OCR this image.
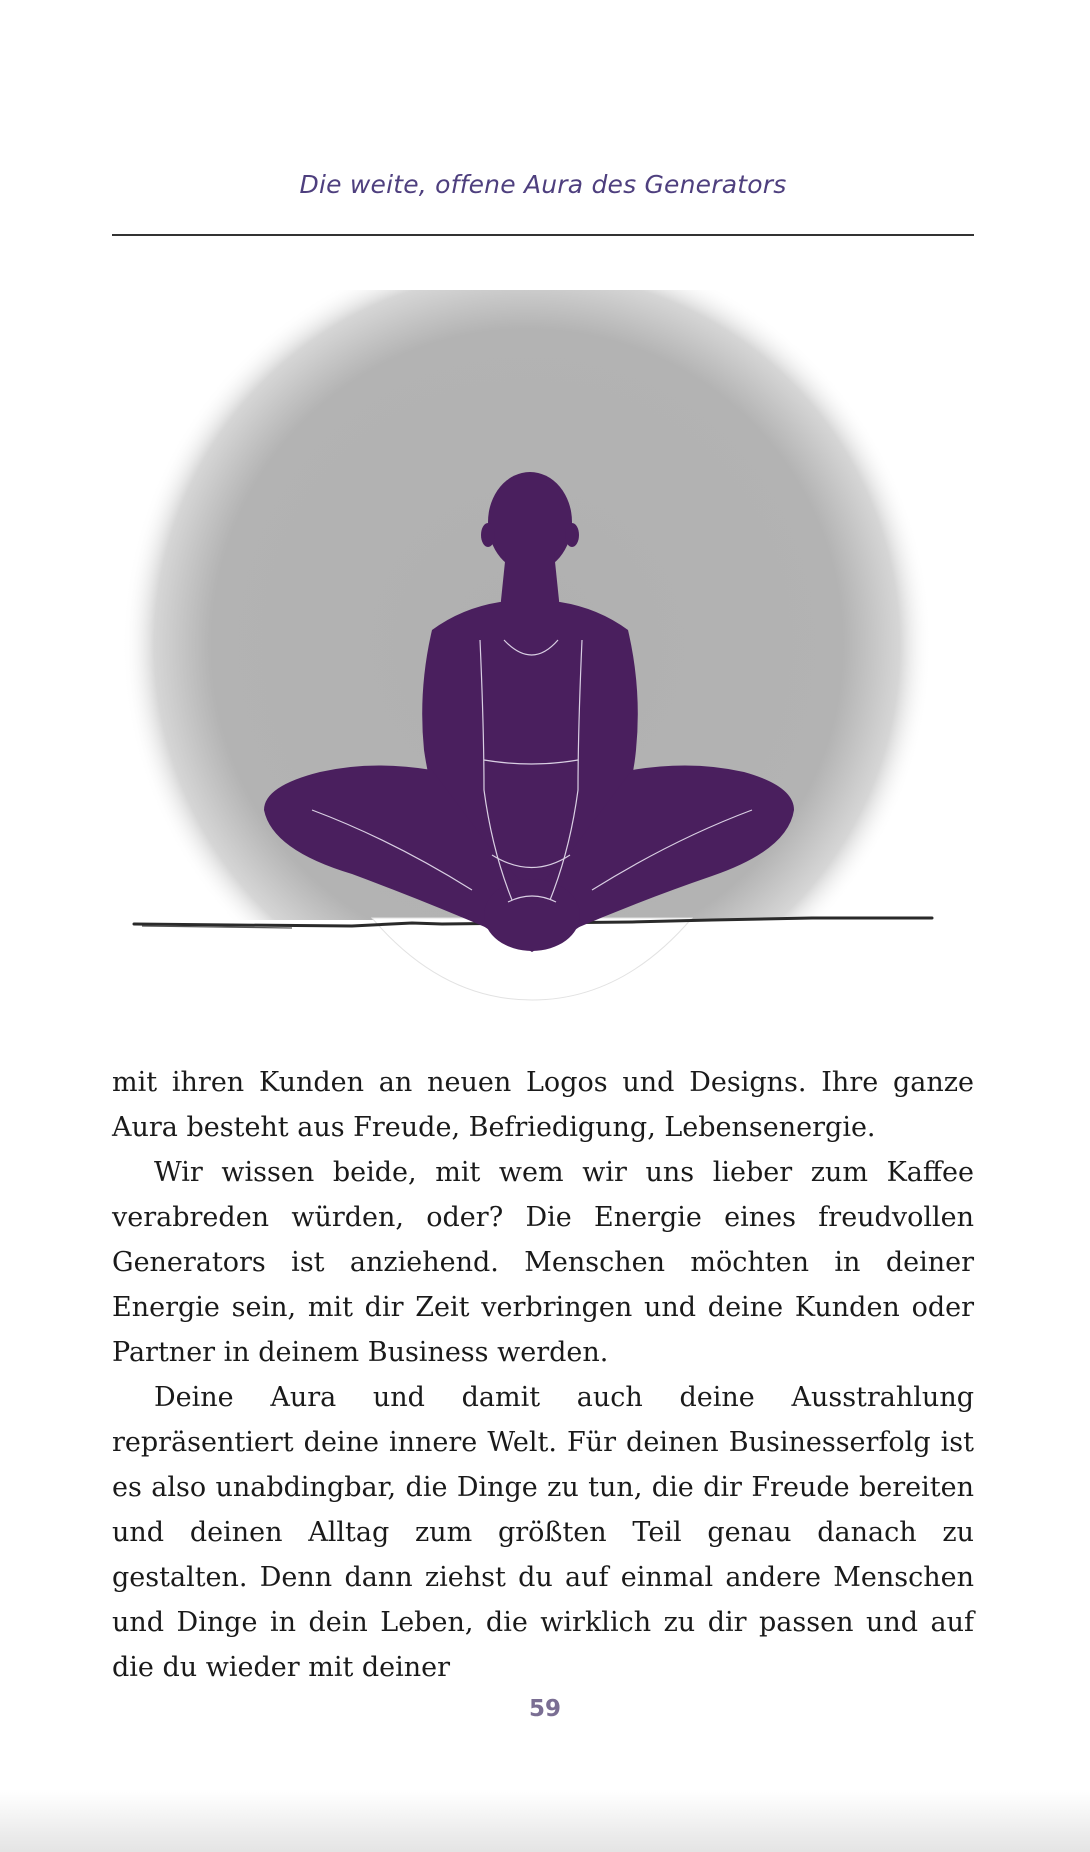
Die weite, offene Aura des Generators

mit ihren Kunden an neuen Logos und Designs. Ihre ganze Aura besteht aus Freude, Befriedigung, Lebensenergie.

Wir wissen beide, mit wem wir uns lieber zum Kaffee verabreden würden, oder? Die Energie eines freudvollen Generators ist anziehend. Menschen möchten in deiner Energie sein, mit dir Zeit verbringen und deine Kunden oder Partner in deinem Business werden.

Deine Aura und damit auch deine Ausstrahlung repräsentiert deine innere Welt. Für deinen Businesserfolg ist es also unabdingbar, die Dinge zu tun, die dir Freude bereiten und deinen Alltag zum größten Teil genau danach zu gestalten. Denn dann ziehst du auf einmal andere Menschen und Dinge in dein Leben, die wirklich zu dir passen und auf die du wieder mit deiner

59
